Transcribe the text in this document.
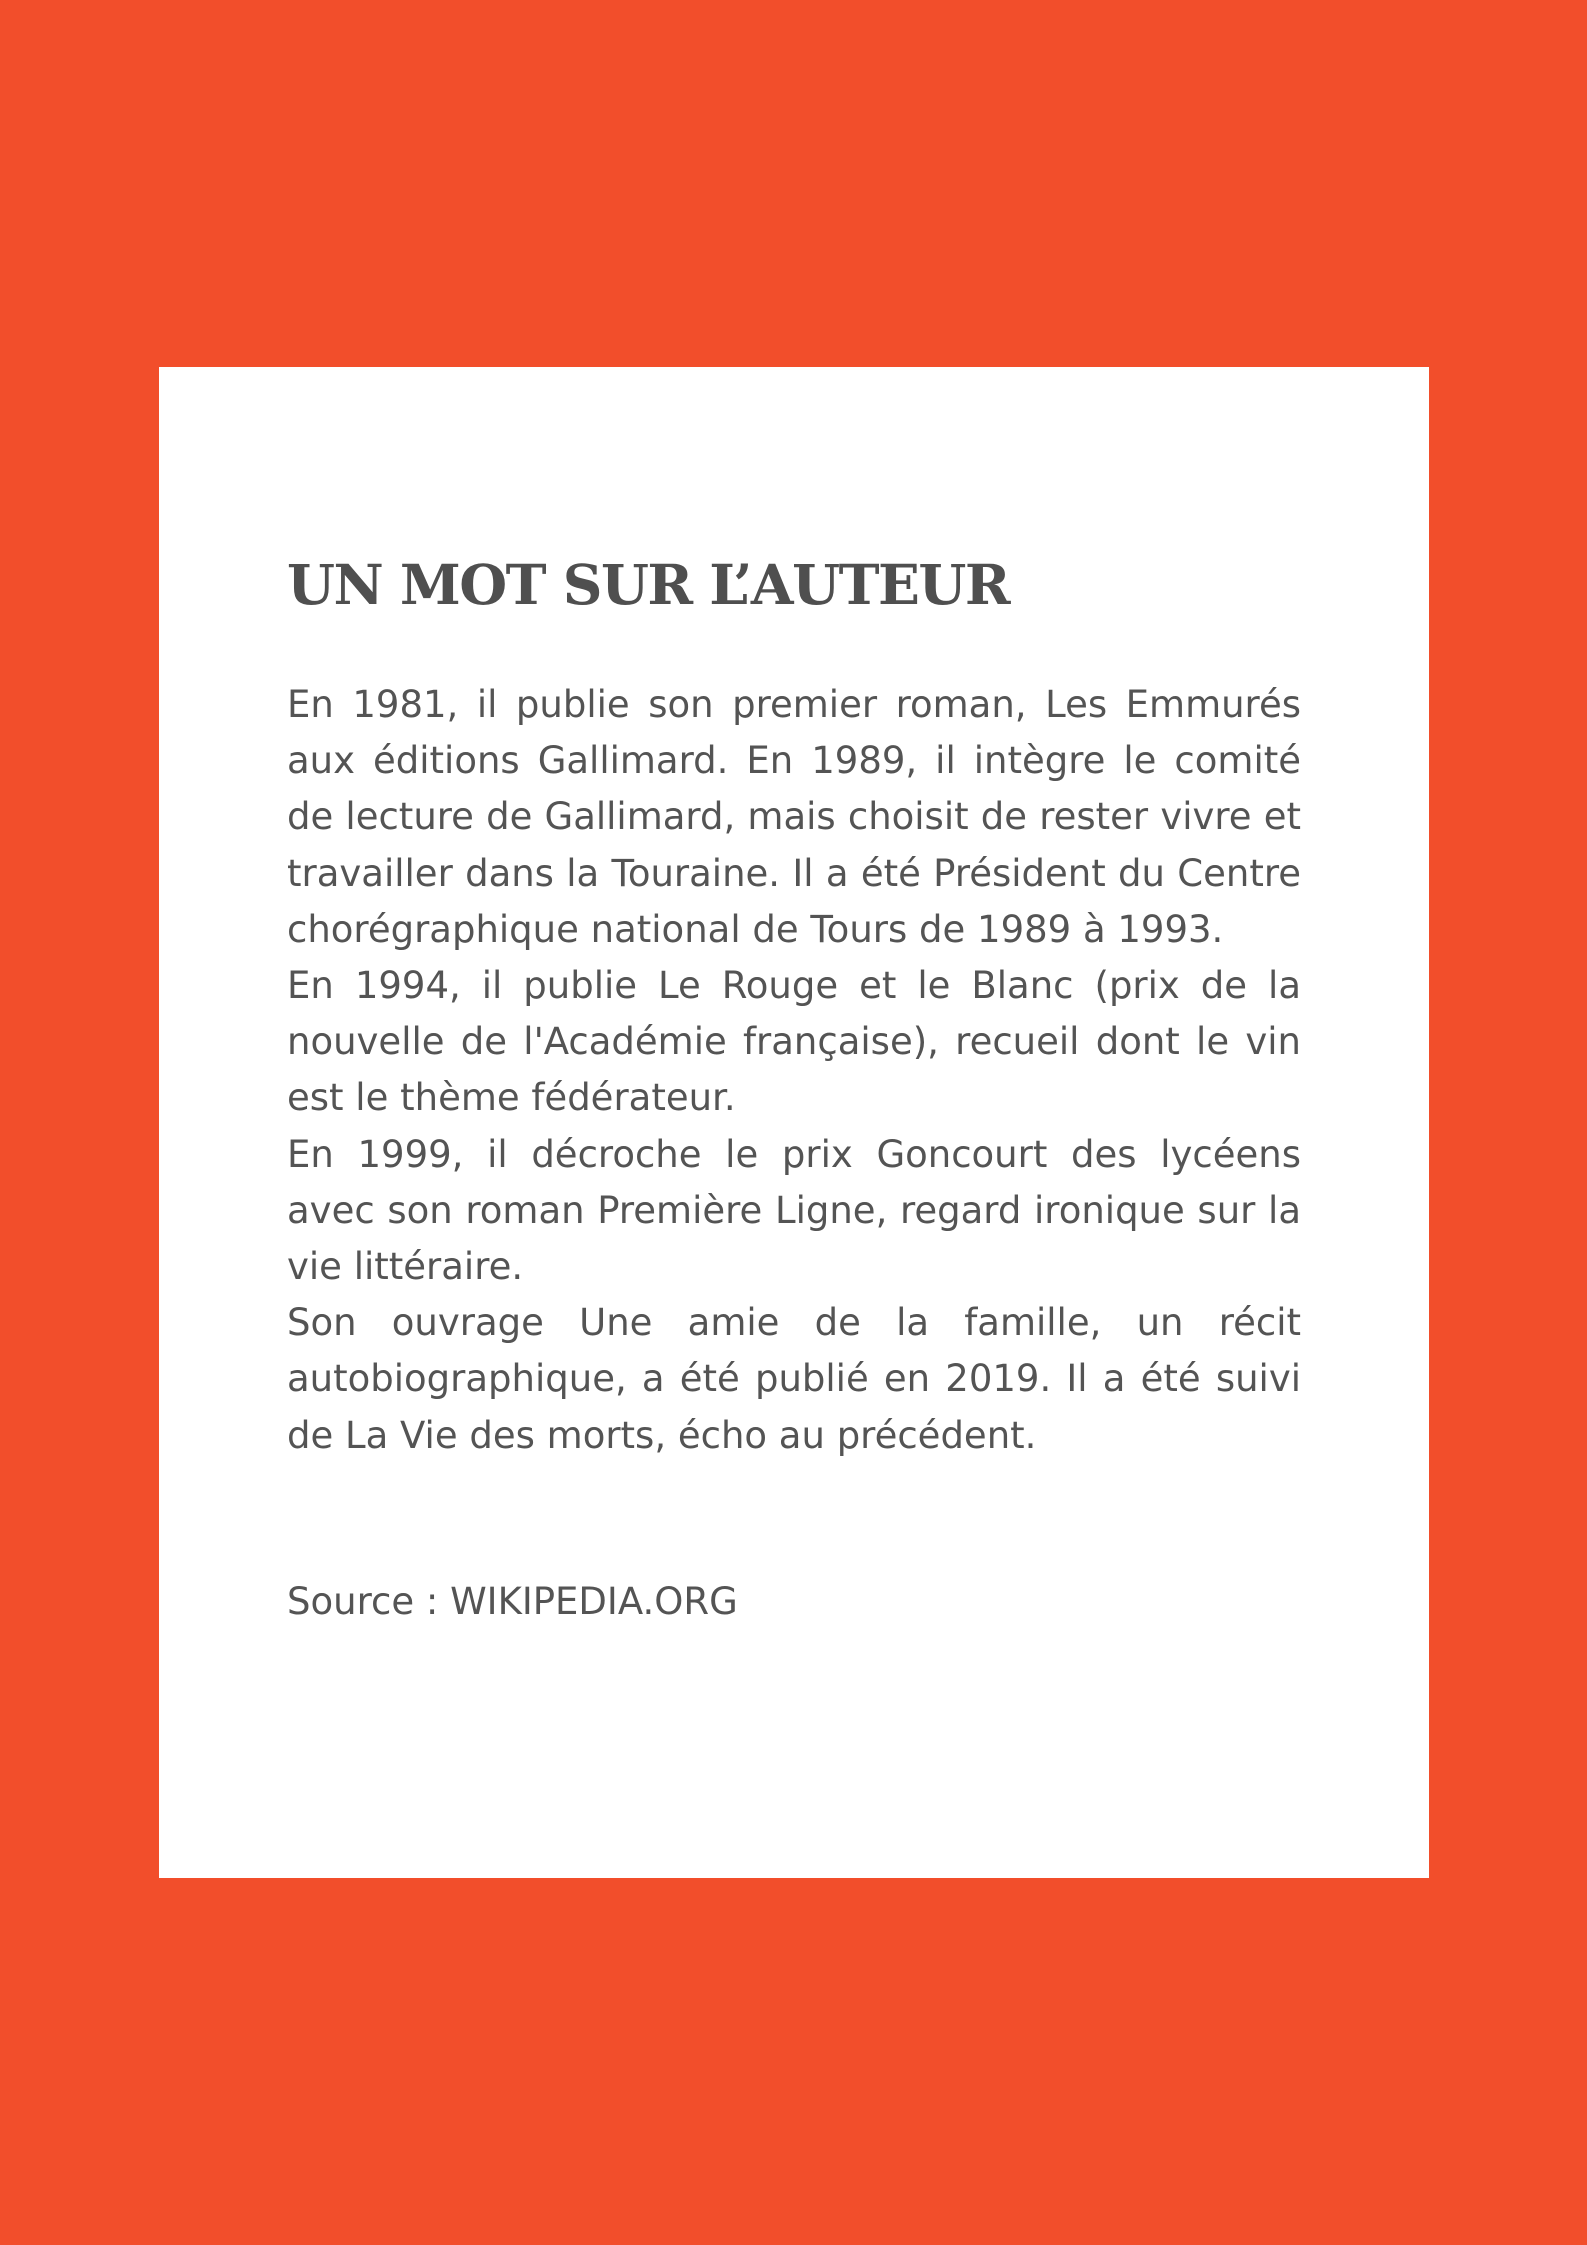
UN MOT SUR L’AUTEUR

En 1981, il publie son premier roman, Les Emmurés aux éditions Gallimard. En 1989, il intègre le comité de lecture de Gallimard, mais choisit de rester vivre et travailler dans la Touraine. Il a été Président du Centre chorégraphique national de Tours de 1989 à 1993.

En 1994, il publie Le Rouge et le Blanc (prix de la nouvelle de l'Académie française), recueil dont le vin est le thème fédérateur.

En 1999, il décroche le prix Goncourt des lycéens avec son roman Première Ligne, regard ironique sur la vie littéraire.

Son ouvrage Une amie de la famille, un récit autobiographique, a été publié en 2019. Il a été suivi de La Vie des morts, écho au précédent.

Source : WIKIPEDIA.ORG
